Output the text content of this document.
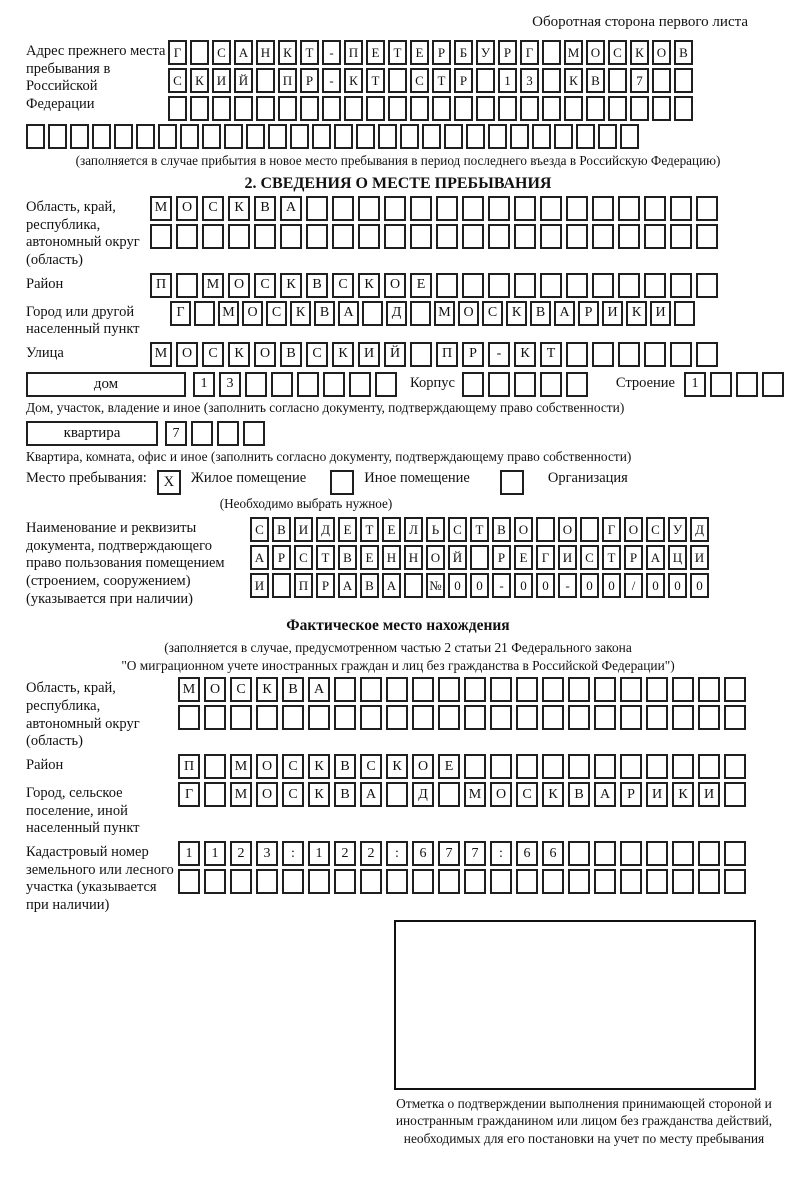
Оборотная сторона первого листа
Адрес прежнего места пребывания в Российской Федерации
Г	С А Н К	Т	-	П	Е	Т	Е	Р	Б	У	Р	Г	М О С	К О В
С	К И Й	П	Р	-	К	Т	С	Т	Р	1	3	К	В	7
(заполняется в случае прибытия в новое место пребывания в период последнего въезда в Российскую Федерацию)
2. СВЕДЕНИЯ О МЕСТЕ ПРЕБЫВАНИЯ
Область, край, республика, автономный округ (область)
М	О	С	К	В	А
Район	П	М	О	С	К	В	С	К	О	Е
Город или другой населенный пункт
Г	М О	С	К	В	А	Д	М О	С	К	В	А	Р	И	К	И
Улица	М	О	С	К	О	В	С	К	И	Й	П	Р	-	К	Т
дом	1	3	Корпус	Строение	1
Дом, участок, владение и иное (заполнить согласно документу, подтверждающему право собственности)
квартира	7
Квартира, комната, офис и иное (заполнить согласно документу, подтверждающему право собственности)
Место пребывания:	X	Жилое помещение	Иное помещение	Организация
(Необходимо выбрать нужное)
Наименование и реквизиты документа, подтверждающего право пользования помещением (строением, сооружением) (указывается при наличии)
С	В И Д	Е	Т	Е	Л	Ь	С	Т	В О	О	Г	О С	У Д
А	Р	С	Т	В	Е	Н Н О Й	Р	Е	Г	И С	Т	Р	А Ц И
И	П	Р	А В А	№ 0	0	-	0	0	-	0	0	/	0	0	0
Фактическое место нахождения
(заполняется в случае, предусмотренном частью 2 статьи 21 Федерального закона
"О миграционном учете иностранных граждан и лиц без гражданства в Российской Федерации")
Область, край, республика, автономный округ (область)
М	О	С	К	В	А
Район	П	М	О	С	К	В	С	К	О	Е
Город, сельское поселение, иной населенный пункт
Г	М	О	С	К	В	А	Д	М	О	С	К	В	А	Р	И	К	И
Кадастровый номер земельного или лесного участка (указывается при наличии)
1	1	2	3	:	1	2	2	:	6	7	7	:	6	6
Отметка о подтверждении выполнения принимающей стороной и иностранным гражданином или лицом без гражданства действий, необходимых для его постановки на учет по месту пребывания
